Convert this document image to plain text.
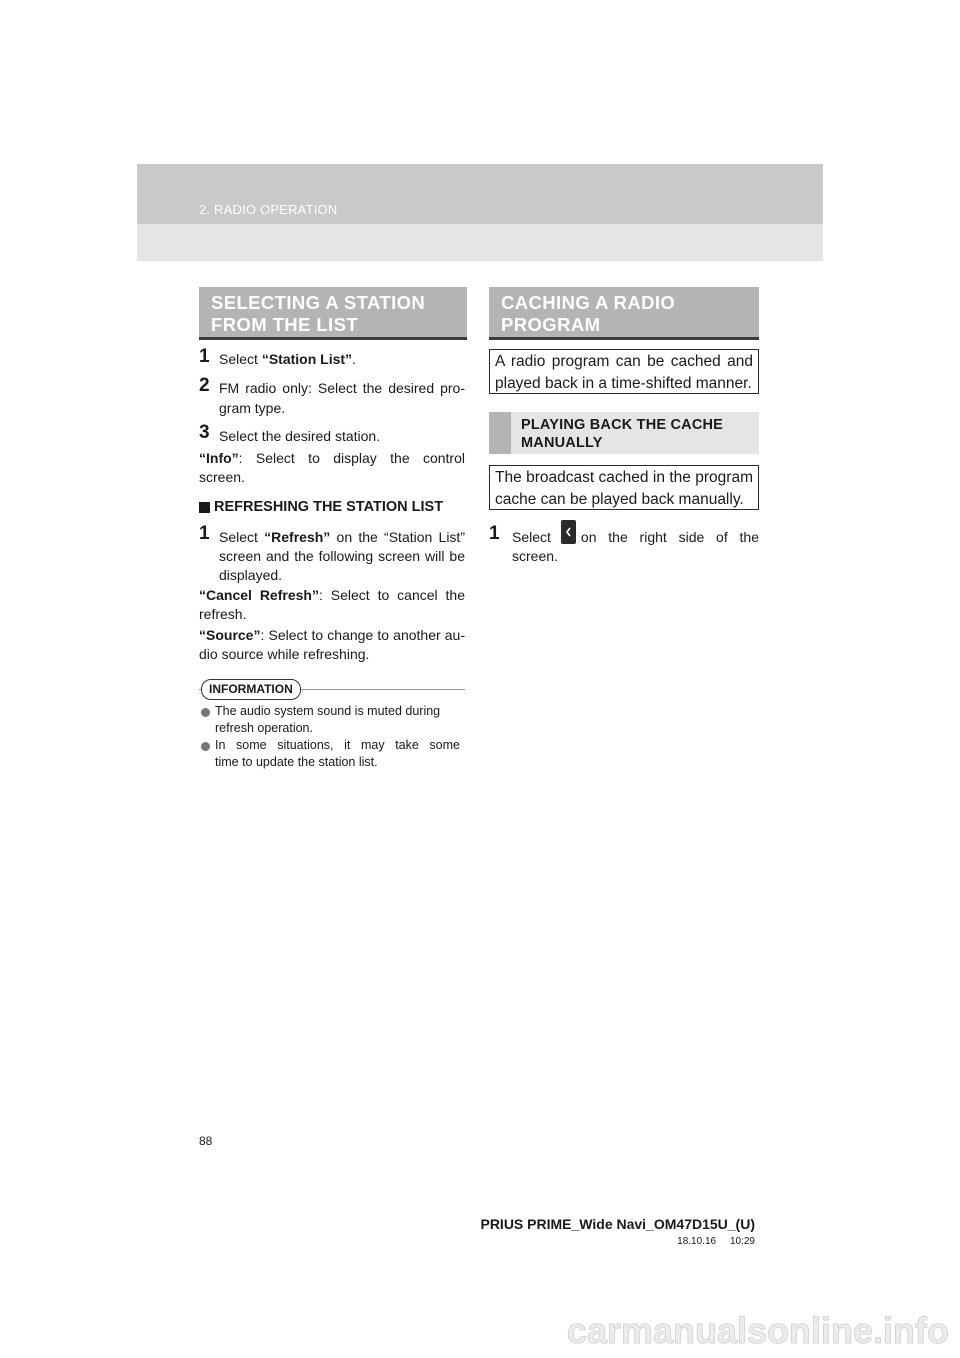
2. RADIO OPERATION
SELECTING A STATION
FROM THE LIST
1 Select “Station List”.
2 FM radio only: Select the desired pro-
gram type.
3 Select the desired station.
“Info”: Select to display the control
screen.
REFRESHING THE STATION LIST
1 Select “Refresh” on the “Station List”
screen and the following screen will be
displayed.
“Cancel Refresh”: Select to cancel the
refresh.
“Source”: Select to change to another au-
dio source while refreshing.
INFORMATION
The audio system sound is muted during
refresh operation.
In some situations, it may take some
time to update the station list.
CACHING A RADIO
PROGRAM
A radio program can be cached and
played back in a time-shifted manner.
PLAYING BACK THE CACHE
MANUALLY
The broadcast cached in the program
cache can be played back manually.
1 Select on the right side of the
screen.
88
PRIUS PRIME_Wide Navi_OM47D15U_(U)
18.10.16     10:29
carmanualsonline.info
